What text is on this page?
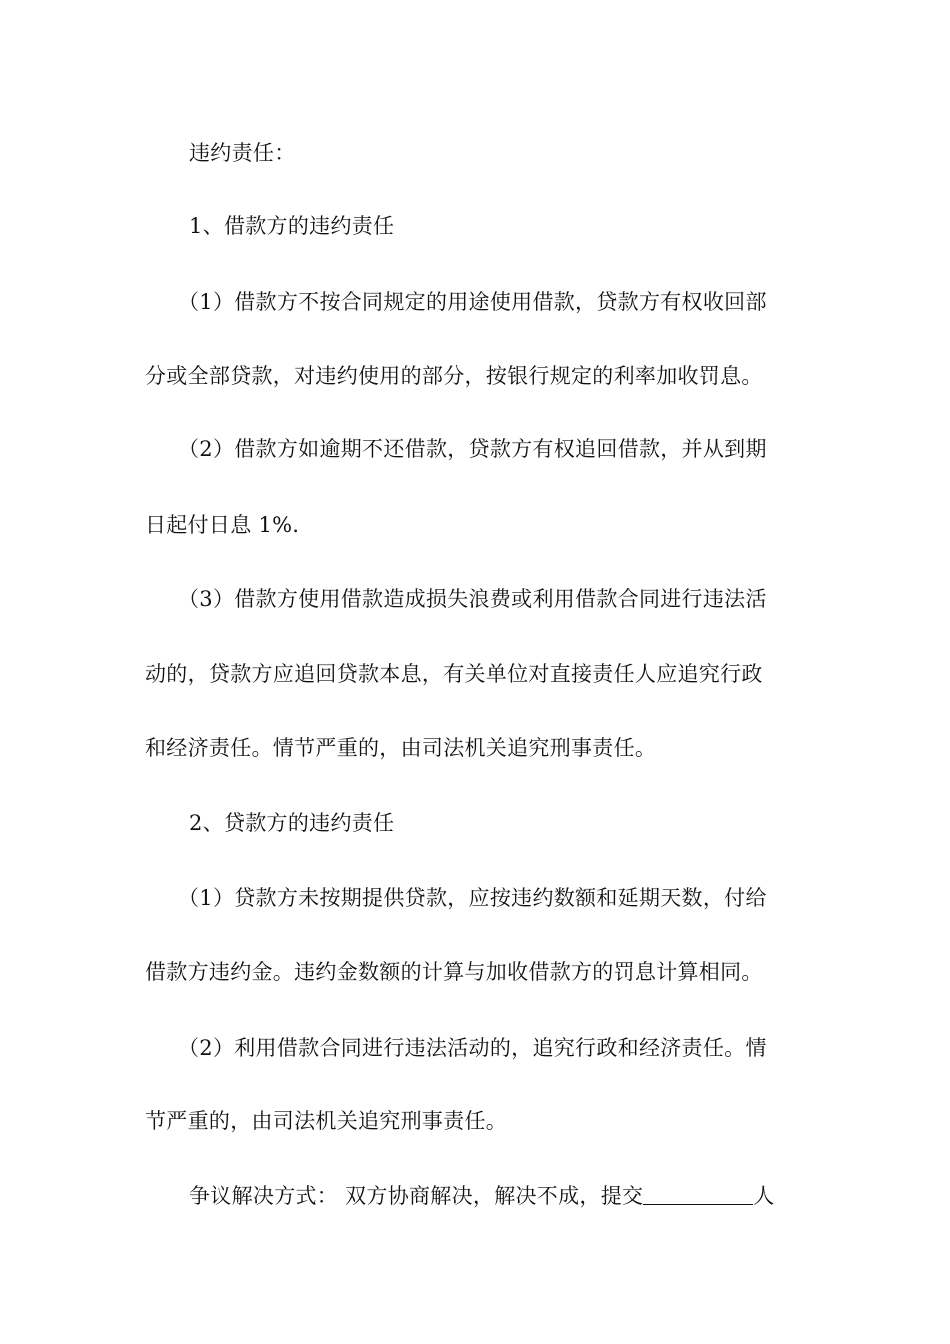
违约责任：
1、借款方的违约责任
（1）借款方不按合同规定的用途使用借款，贷款方有权收回部
分或全部贷款，对违约使用的部分，按银行规定的利率加收罚息。
（2）借款方如逾期不还借款，贷款方有权追回借款，并从到期
日起付日息 1%．
（3）借款方使用借款造成损失浪费或利用借款合同进行违法活
动的，贷款方应追回贷款本息，有关单位对直接责任人应追究行政
和经济责任。情节严重的，由司法机关追究刑事责任。
2、贷款方的违约责任
（1）贷款方未按期提供贷款，应按违约数额和延期天数，付给
借款方违约金。违约金数额的计算与加收借款方的罚息计算相同。
（2）利用借款合同进行违法活动的，追究行政和经济责任。情
节严重的，由司法机关追究刑事责任。
争议解决方式： 双方协商解决，解决不成，提交	人
